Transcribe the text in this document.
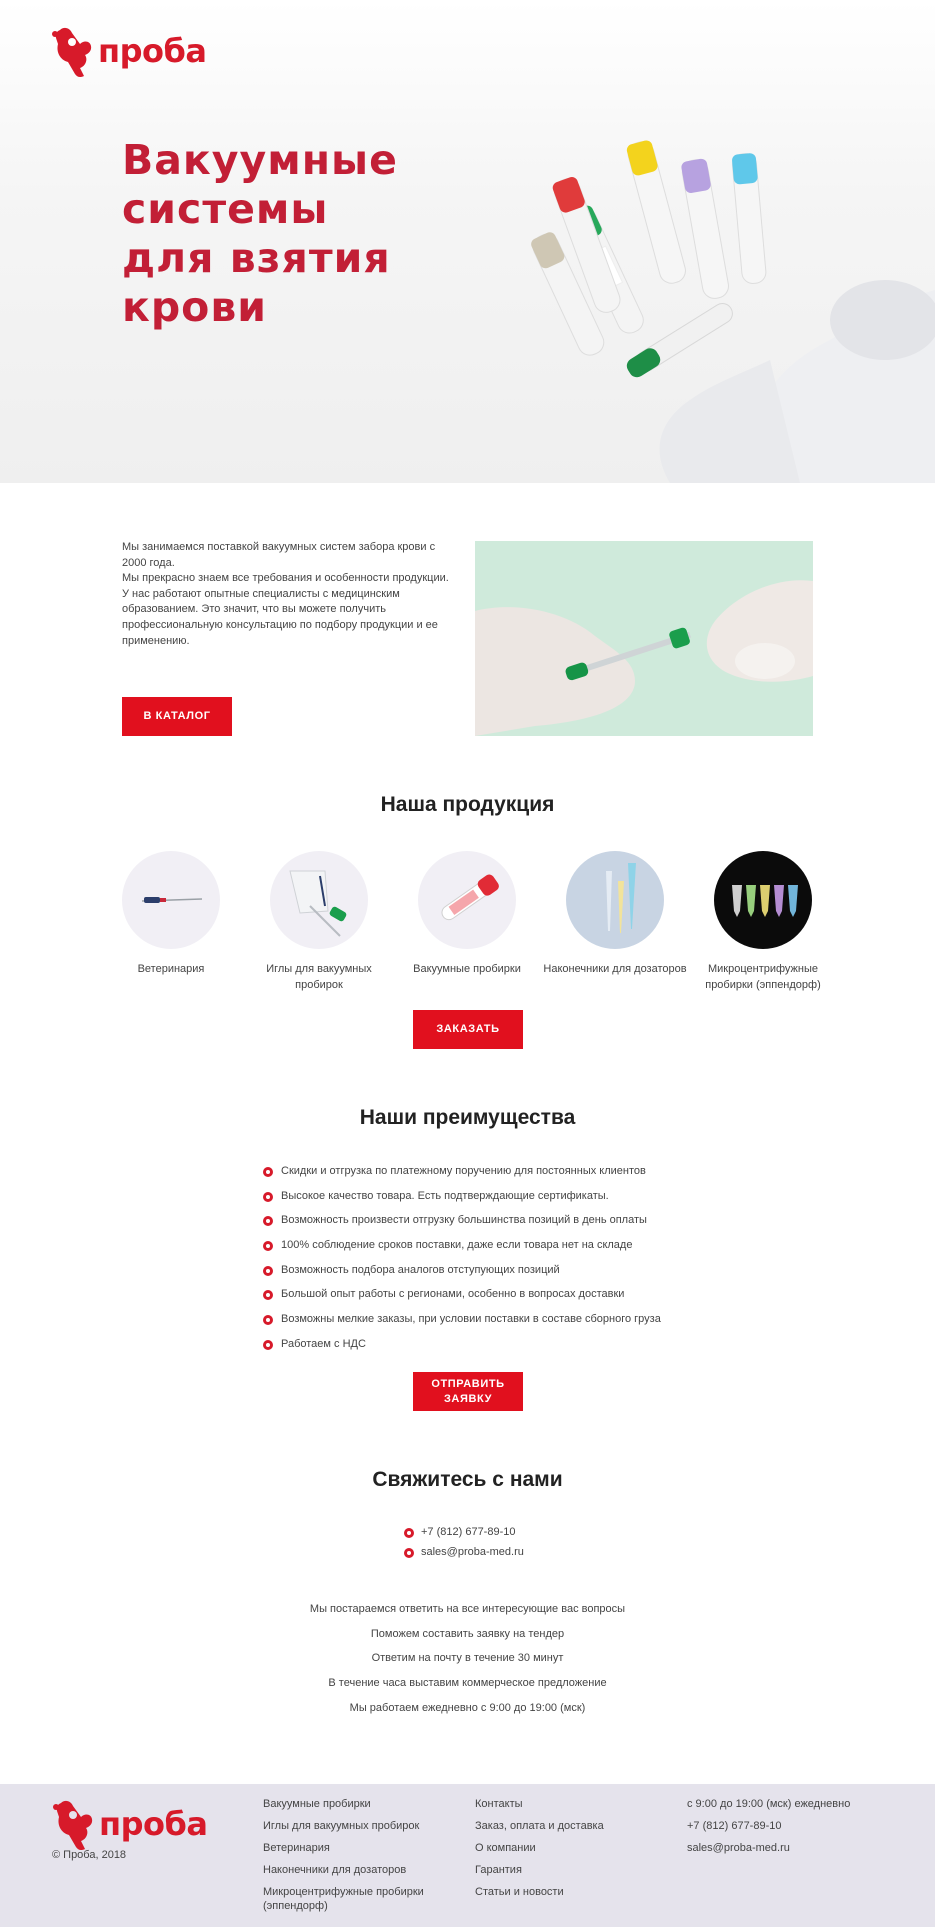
проба
Вакуумные
системы
для взятия
крови

Мы занимаемся поставкой вакуумных систем забора крови с 2000 года.

Мы прекрасно знаем все требования и особенности продукции.

У нас работают опытные специалисты с медицинским образованием. Это значит, что вы можете получить профессиональную консультацию по подбору продукции и ее применению.

В КАТАЛОГ
Наша продукция
Ветеринария	Иглы для вакуумных пробирок
Вакуумные пробирки	Наконечники для дозаторов	Микроцентрифужные пробирки (эппендорф)
ЗАКАЗАТЬ
Наши преимущества
Скидки и отгрузка по платежному поручению для постоянных клиентов
Высокое качество товара. Есть подтверждающие сертификаты.
Возможность произвести отгрузку большинства позиций в день оплаты
100% соблюдение сроков поставки, даже если товара нет на складе
Возможность подбора аналогов отступующих позиций
Большой опыт работы с регионами, особенно в вопросах доставки
Возможны мелкие заказы, при условии поставки в составе сборного груза
Работаем с НДС
ОТПРАВИТЬ ЗАЯВКУ
Свяжитесь с нами
+7 (812) 677-89-10
sales@proba-med.ru
Мы постараемся ответить на все интересующие вас вопросы
Поможем составить заявку на тендер
Ответим на почту в течение 30 минут
В течение часа выставим коммерческое предложение
Мы работаем ежедневно с 9:00 до 19:00 (мск)
проба
© Проба, 2018
Вакуумные пробирки
Иглы для вакуумных пробирок
Ветеринария
Наконечники для дозаторов
Микроцентрифужные пробирки (эппендорф)
Контакты
Заказ, оплата и доставка
О компании
Гарантия
Статьи и новости
с 9:00 до 19:00 (мск) ежедневно
+7 (812) 677-89-10
sales@proba-med.ru
